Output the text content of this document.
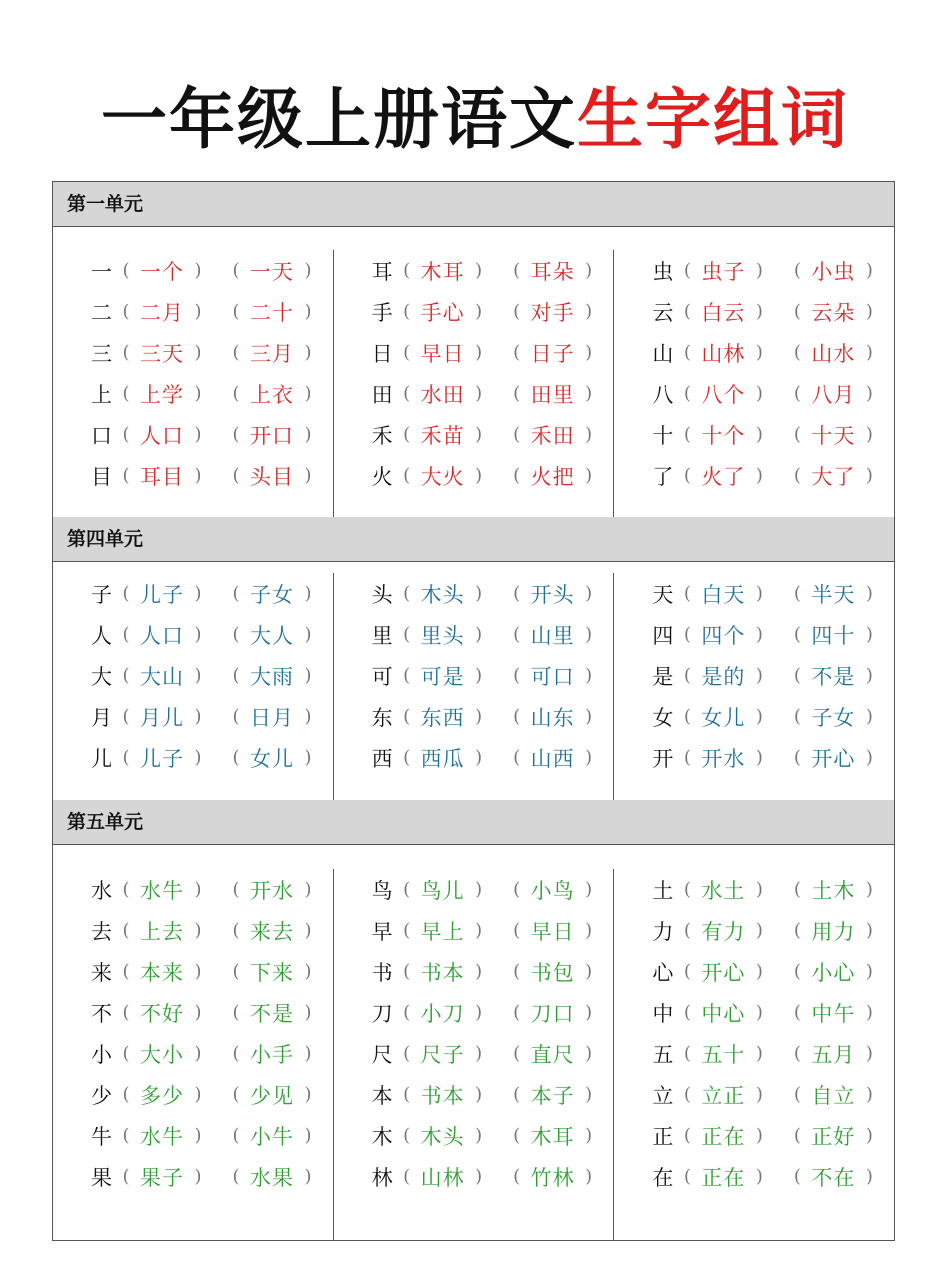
一年级上册语文生字组词
第一单元
一 ( 一个 )	( 一天 )
二 ( 二月 )	( 二十 )
三 ( 三天 )	( 三月 )
上 ( 上学 )	( 上衣 )
口 ( 人口 )	( 开口 )
目 ( 耳目 )	( 头目 )
耳 ( 木耳 )	( 耳朵 )
手 ( 手心 )	( 对手 )
日 ( 早日 )	( 日子 )
田 ( 水田 )	( 田里 )
禾 ( 禾苗 )	( 禾田 )
火 ( 大火 )	( 火把 )
虫 ( 虫子 )	( 小虫 )
云 ( 白云 )	( 云朵 )
山 ( 山林 )	( 山水 )
八 ( 八个 )	( 八月 )
十 ( 十个 )	( 十天 )
了 ( 火了 )	( 大了 )
第四单元
子 ( 儿子 )	( 子女 )
人 ( 人口 )	( 大人 )
大 ( 大山 )	( 大雨 )
月 ( 月儿 )	( 日月 )
儿 ( 儿子 )	( 女儿 )
头 ( 木头 )	( 开头 )
里 ( 里头 )	( 山里 )
可 ( 可是 )	( 可口 )
东 ( 东西 )	( 山东 )
西 ( 西瓜 )	( 山西 )
天 ( 白天 )	( 半天 )
四 ( 四个 )	( 四十 )
是 ( 是的 )	( 不是 )
女 ( 女儿 )	( 子女 )
开 ( 开水 )	( 开心 )
第五单元
水 ( 水牛 )	( 开水 )
去 ( 上去 )	( 来去 )
来 ( 本来 )	( 下来 )
不 ( 不好 )	( 不是 )
小 ( 大小 )	( 小手 )
少 ( 多少 )	( 少见 )
牛 ( 水牛 )	( 小牛 )
果 ( 果子 )	( 水果 )
鸟 ( 鸟儿 )	( 小鸟 )
早 ( 早上 )	( 早日 )
书 ( 书本 )	( 书包 )
刀 ( 小刀 )	( 刀口 )
尺 ( 尺子 )	( 直尺 )
本 ( 书本 )	( 本子 )
木 ( 木头 )	( 木耳 )
林 ( 山林 )	( 竹林 )
土 ( 水土 )	( 土木 )
力 ( 有力 )	( 用力 )
心 ( 开心 )	( 小心 )
中 ( 中心 )	( 中午 )
五 ( 五十 )	( 五月 )
立 ( 立正 )	( 自立 )
正 ( 正在 )	( 正好 )
在 ( 正在 )	( 不在 )
